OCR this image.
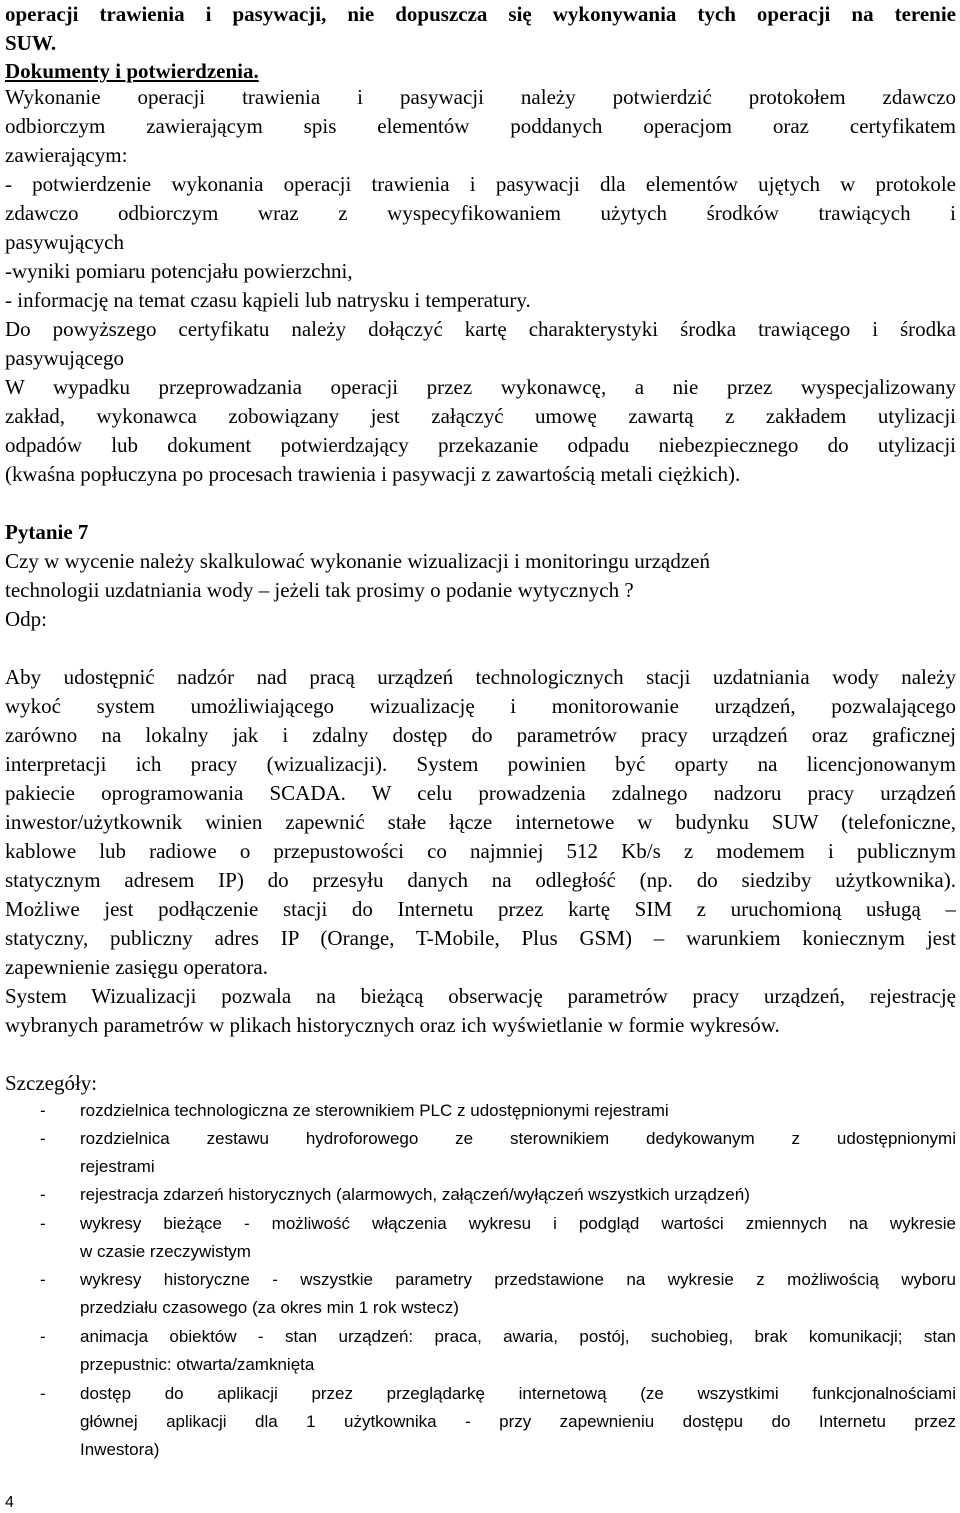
operacji trawienia i pasywacji, nie dopuszcza się wykonywania tych operacji na terenie
SUW.
Dokumenty i potwierdzenia.
Wykonanie operacji trawienia i pasywacji należy potwierdzić protokołem zdawczo
odbiorczym zawierającym spis elementów poddanych operacjom oraz certyfikatem
zawierającym:
- potwierdzenie wykonania operacji trawienia i pasywacji dla elementów ujętych w protokole
zdawczo odbiorczym wraz z wyspecyfikowaniem użytych środków trawiących i
pasywujących
-wyniki pomiaru potencjału powierzchni,
- informację na temat czasu kąpieli lub natrysku i temperatury.
Do powyższego certyfikatu należy dołączyć kartę charakterystyki środka trawiącego i środka
pasywującego
W wypadku przeprowadzania operacji przez wykonawcę, a nie przez wyspecjalizowany
zakład, wykonawca zobowiązany jest załączyć umowę zawartą z zakładem utylizacji
odpadów lub dokument potwierdzający przekazanie odpadu niebezpiecznego do utylizacji
(kwaśna popłuczyna po procesach trawienia i pasywacji z zawartością metali ciężkich).
Pytanie 7
Czy w wycenie należy skalkulować wykonanie wizualizacji i monitoringu urządzeń
technologii uzdatniania wody – jeżeli tak prosimy o podanie wytycznych ?
Odp:
Aby udostępnić nadzór nad pracą urządzeń technologicznych stacji uzdatniania wody należy
wykoć system umożliwiającego wizualizację i monitorowanie urządzeń, pozwalającego
zarówno na lokalny jak i zdalny dostęp do parametrów pracy urządzeń oraz graficznej
interpretacji ich pracy (wizualizacji). System powinien być oparty na licencjonowanym
pakiecie oprogramowania SCADA. W celu prowadzenia zdalnego nadzoru pracy urządzeń
inwestor/użytkownik winien zapewnić stałe łącze internetowe w budynku SUW (telefoniczne,
kablowe lub radiowe o przepustowości co najmniej 512 Kb/s z modemem i publicznym
statycznym adresem IP) do przesyłu danych na odległość (np. do siedziby użytkownika).
Możliwe jest podłączenie stacji do Internetu przez kartę SIM z uruchomioną usługą –
statyczny, publiczny adres IP (Orange, T-Mobile, Plus GSM) – warunkiem koniecznym jest
zapewnienie zasięgu operatora.
System Wizualizacji pozwala na bieżącą obserwację parametrów pracy urządzeń, rejestrację
wybranych parametrów w plikach historycznych oraz ich wyświetlanie w formie wykresów.
Szczegóły:
-	rozdzielnica technologiczna ze sterownikiem PLC z udostępnionymi rejestrami
-	rozdzielnica zestawu hydroforowego ze sterownikiem dedykowanym z udostępnionymi
rejestrami
-	rejestracja zdarzeń historycznych (alarmowych, załączeń/wyłączeń wszystkich urządzeń)
-	wykresy bieżące - możliwość włączenia wykresu i podgląd wartości zmiennych na wykresie
w czasie rzeczywistym
-	wykresy historyczne - wszystkie parametry przedstawione na wykresie z możliwością wyboru
przedziału czasowego (za okres min 1 rok wstecz)
-	animacja obiektów - stan urządzeń: praca, awaria, postój, suchobieg, brak komunikacji; stan
przepustnic: otwarta/zamknięta
-	dostęp do aplikacji przez przeglądarkę internetową (ze wszystkimi funkcjonalnościami
głównej aplikacji dla 1 użytkownika - przy zapewnieniu dostępu do Internetu przez
Inwestora)
4
